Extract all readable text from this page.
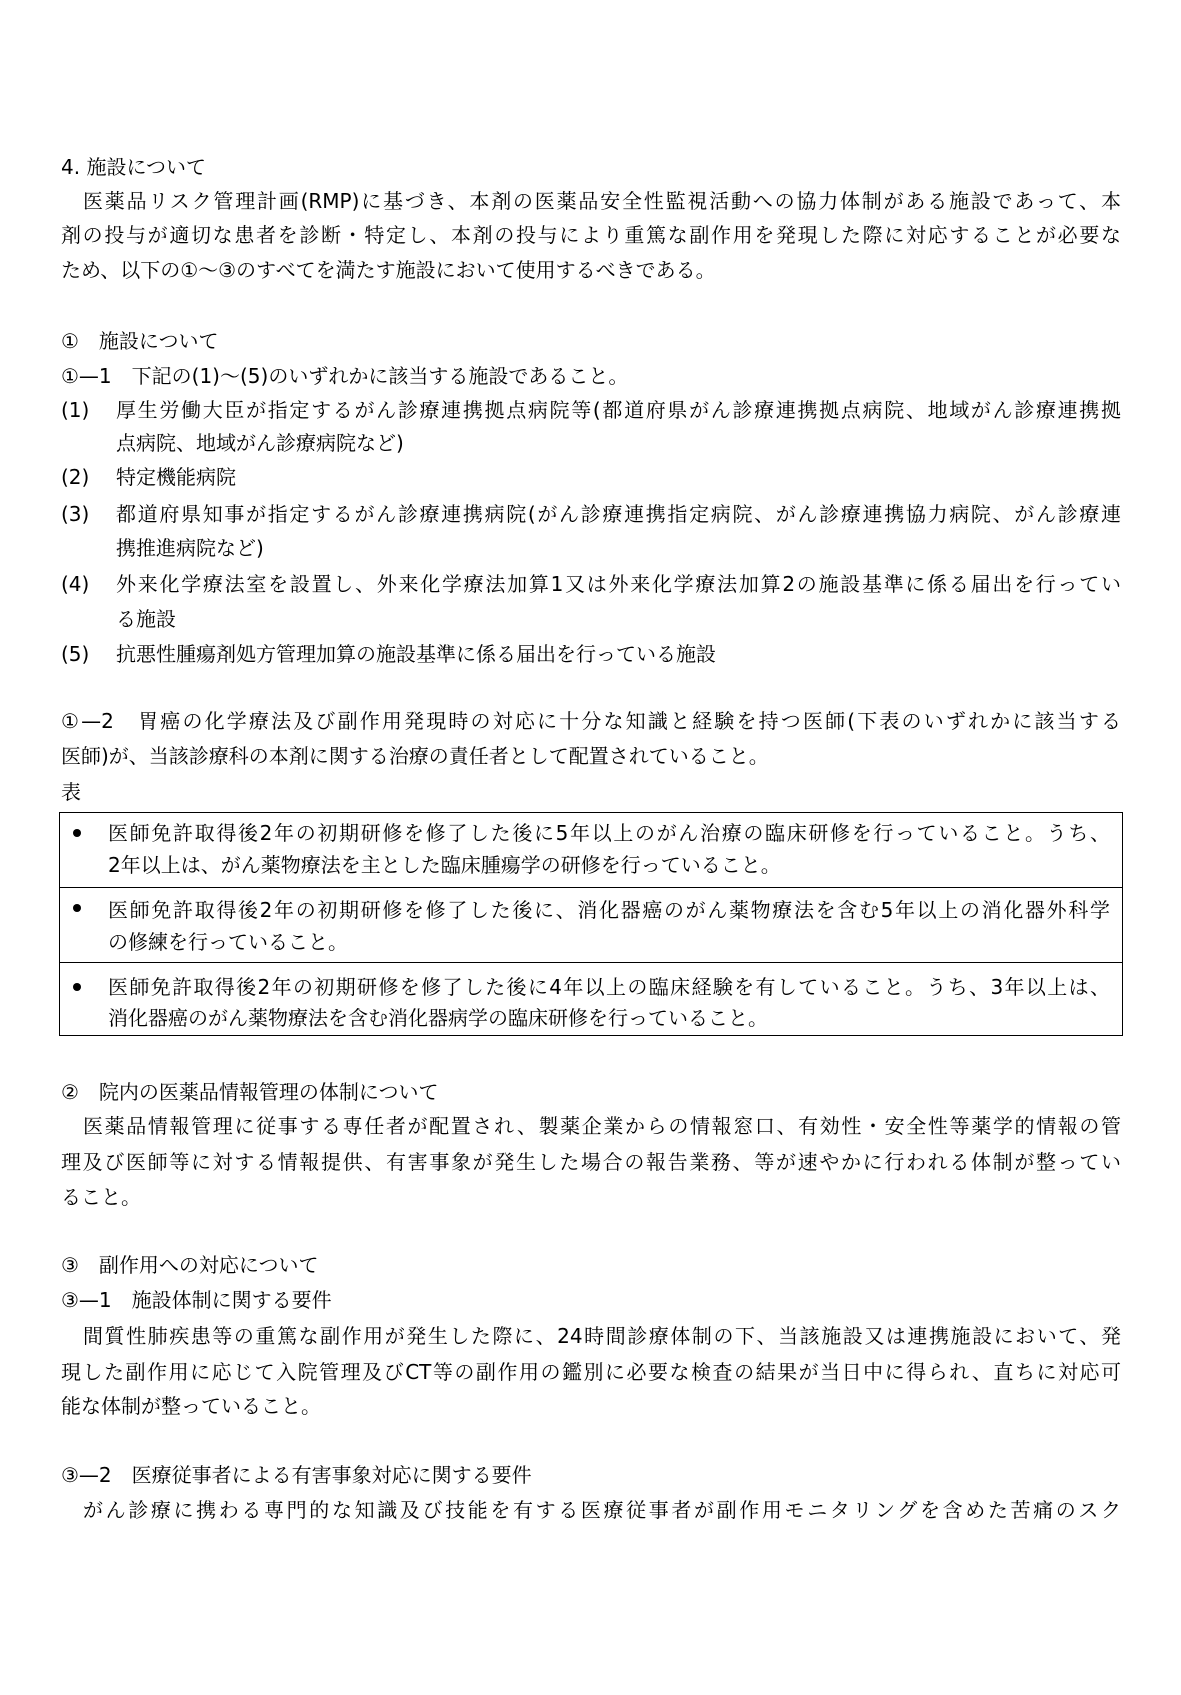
4. 施設について
医薬品リスク管理計画(RMP)に基づき、本剤の医薬品安全性監視活動への協力体制がある施設であって、本
剤の投与が適切な患者を診断・特定し、本剤の投与により重篤な副作用を発現した際に対応することが必要な
ため、以下の①～③のすべてを満たす施設において使用するべきである。
①　施設について
①—1　下記の(1)～(5)のいずれかに該当する施設であること。
(1) 厚生労働大臣が指定するがん診療連携拠点病院等(都道府県がん診療連携拠点病院、地域がん診療連携拠
点病院、地域がん診療病院など)
(2) 特定機能病院
(3) 都道府県知事が指定するがん診療連携病院(がん診療連携指定病院、がん診療連携協力病院、がん診療連
携推進病院など)
(4) 外来化学療法室を設置し、外来化学療法加算1又は外来化学療法加算2の施設基準に係る届出を行ってい
る施設
(5) 抗悪性腫瘍剤処方管理加算の施設基準に係る届出を行っている施設
①—2　胃癌の化学療法及び副作用発現時の対応に十分な知識と経験を持つ医師(下表のいずれかに該当する
医師)が、当該診療科の本剤に関する治療の責任者として配置されていること。
表
医師免許取得後2年の初期研修を修了した後に5年以上のがん治療の臨床研修を行っていること。うち、
2年以上は、がん薬物療法を主とした臨床腫瘍学の研修を行っていること。
医師免許取得後2年の初期研修を修了した後に、消化器癌のがん薬物療法を含む5年以上の消化器外科学
の修練を行っていること。
医師免許取得後2年の初期研修を修了した後に4年以上の臨床経験を有していること。うち、3年以上は、
消化器癌のがん薬物療法を含む消化器病学の臨床研修を行っていること。
②　院内の医薬品情報管理の体制について
医薬品情報管理に従事する専任者が配置され、製薬企業からの情報窓口、有効性・安全性等薬学的情報の管
理及び医師等に対する情報提供、有害事象が発生した場合の報告業務、等が速やかに行われる体制が整ってい
ること。
③　副作用への対応について
③—1　施設体制に関する要件
間質性肺疾患等の重篤な副作用が発生した際に、24時間診療体制の下、当該施設又は連携施設において、発
現した副作用に応じて入院管理及びCT等の副作用の鑑別に必要な検査の結果が当日中に得られ、直ちに対応可
能な体制が整っていること。
③—2　医療従事者による有害事象対応に関する要件
がん診療に携わる専門的な知識及び技能を有する医療従事者が副作用モニタリングを含めた苦痛のスク
